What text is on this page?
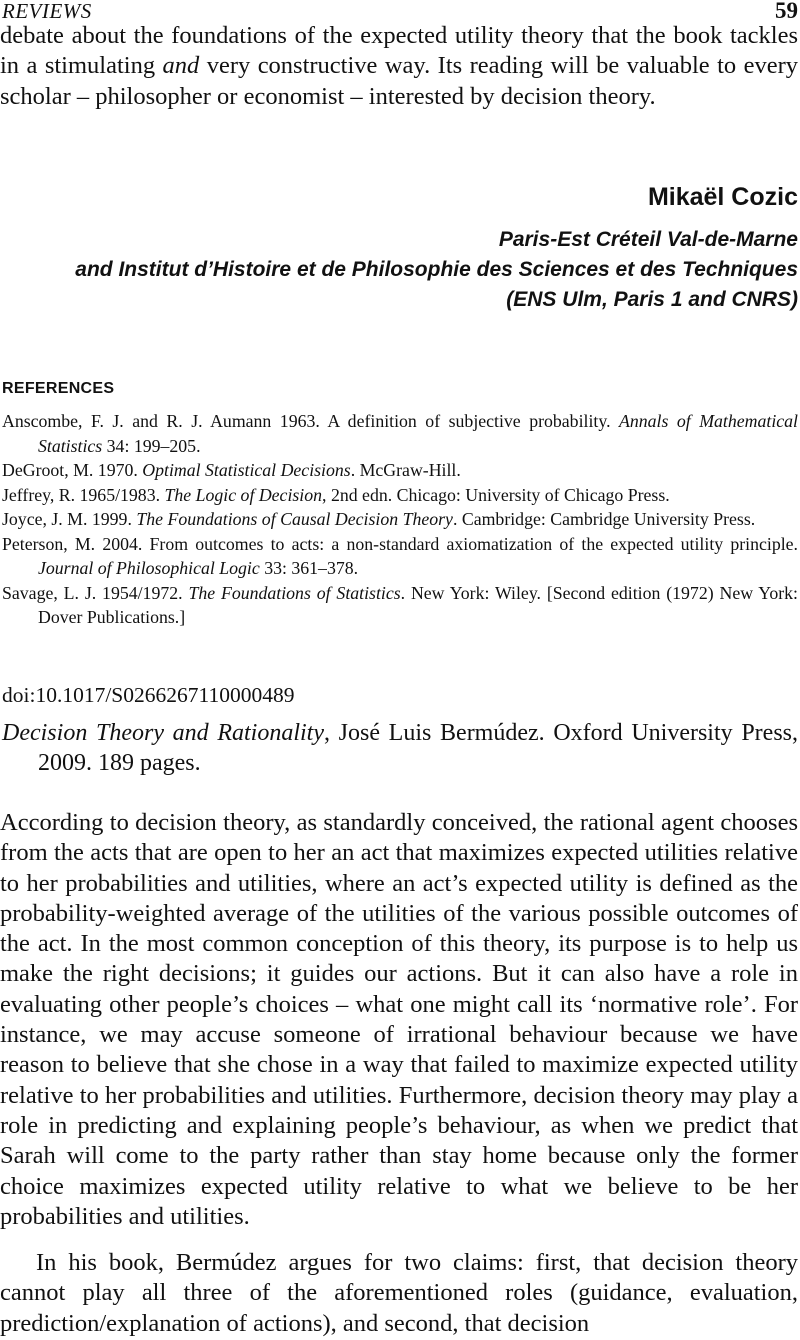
REVIEWS	59

debate about the foundations of the expected utility theory that the book tackles in a stimulating and very constructive way. Its reading will be valuable to every scholar – philosopher or economist – interested by decision theory.

Mikaël Cozic
Paris-Est Créteil Val-de-Marne
and Institut d’Histoire et de Philosophie des Sciences et des Techniques
(ENS Ulm, Paris 1 and CNRS)
REFERENCES

Anscombe, F. J. and R. J. Aumann 1963. A definition of subjective probability. Annals of Mathematical Statistics 34: 199–205.

DeGroot, M. 1970. Optimal Statistical Decisions. McGraw-Hill.

Jeffrey, R. 1965/1983. The Logic of Decision, 2nd edn. Chicago: University of Chicago Press.

Joyce, J. M. 1999. The Foundations of Causal Decision Theory. Cambridge: Cambridge University Press.

Peterson, M. 2004. From outcomes to acts: a non-standard axiomatization of the expected utility principle. Journal of Philosophical Logic 33: 361–378.

Savage, L. J. 1954/1972. The Foundations of Statistics. New York: Wiley. [Second edition (1972) New York: Dover Publications.]

doi:10.1017/S0266267110000489

Decision Theory and Rationality, José Luis Bermúdez. Oxford University Press, 2009. 189 pages.

According to decision theory, as standardly conceived, the rational agent chooses from the acts that are open to her an act that maximizes expected utilities relative to her probabilities and utilities, where an act’s expected utility is defined as the probability-weighted average of the utilities of the various possible outcomes of the act. In the most common conception of this theory, its purpose is to help us make the right decisions; it guides our actions. But it can also have a role in evaluating other people’s choices – what one might call its ‘normative role’. For instance, we may accuse someone of irrational behaviour because we have reason to believe that she chose in a way that failed to maximize expected utility relative to her probabilities and utilities. Furthermore, decision theory may play a role in predicting and explaining people’s behaviour, as when we predict that Sarah will come to the party rather than stay home because only the former choice maximizes expected utility relative to what we believe to be her probabilities and utilities.

In his book, Bermúdez argues for two claims: first, that decision theory cannot play all three of the aforementioned roles (guidance, evaluation, prediction/explanation of actions), and second, that decision
